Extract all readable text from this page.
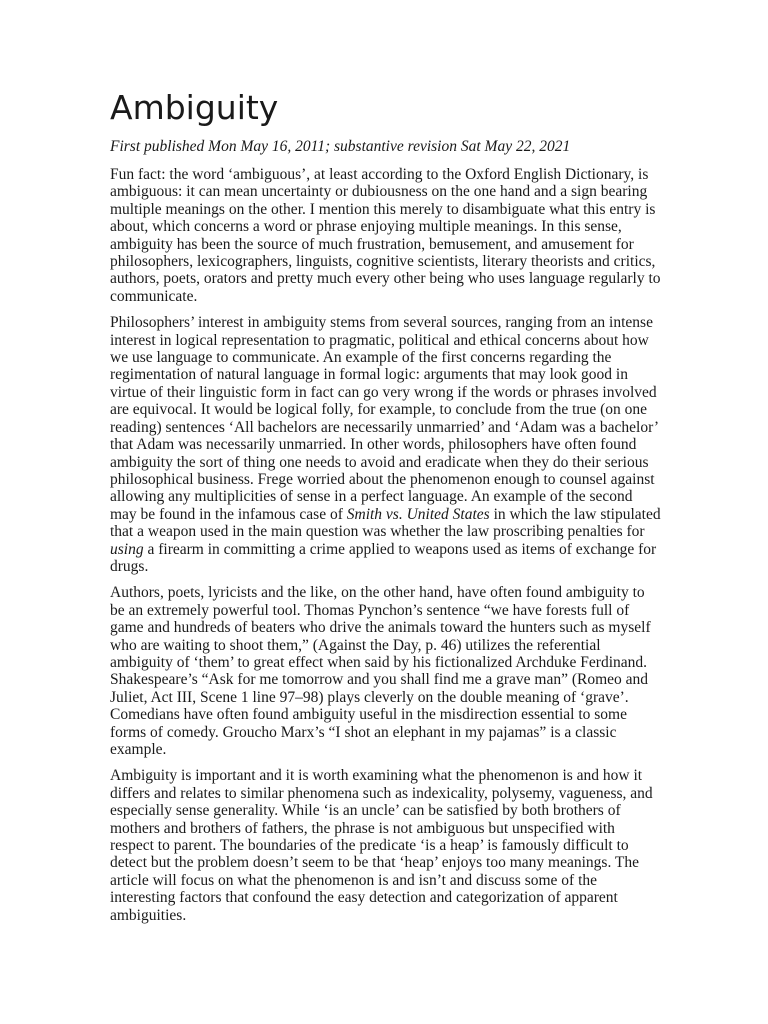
Ambiguity
First published Mon May 16, 2011; substantive revision Sat May 22, 2021

Fun fact: the word ‘ambiguous’, at least according to the Oxford English Dictionary, is ambiguous: it can mean uncertainty or dubiousness on the one hand and a sign bearing multiple meanings on the other. I mention this merely to disambiguate what this entry is about, which concerns a word or phrase enjoying multiple meanings. In this sense, ambiguity has been the source of much frustration, bemusement, and amusement for philosophers, lexicographers, linguists, cognitive scientists, literary theorists and critics, authors, poets, orators and pretty much every other being who uses language regularly to communicate.

Philosophers’ interest in ambiguity stems from several sources, ranging from an intense interest in logical representation to pragmatic, political and ethical concerns about how we use language to communicate. An example of the first concerns regarding the regimentation of natural language in formal logic: arguments that may look good in virtue of their linguistic form in fact can go very wrong if the words or phrases involved are equivocal. It would be logical folly, for example, to conclude from the true (on one reading) sentences ‘All bachelors are necessarily unmarried’ and ‘Adam was a bachelor’ that Adam was necessarily unmarried. In other words, philosophers have often found ambiguity the sort of thing one needs to avoid and eradicate when they do their serious philosophical business. Frege worried about the phenomenon enough to counsel against allowing any multiplicities of sense in a perfect language. An example of the second may be found in the infamous case of Smith vs. United States in which the law stipulated that a weapon used in the main question was whether the law proscribing penalties for using a firearm in committing a crime applied to weapons used as items of exchange for drugs.

Authors, poets, lyricists and the like, on the other hand, have often found ambiguity to be an extremely powerful tool. Thomas Pynchon’s sentence “we have forests full of game and hundreds of beaters who drive the animals toward the hunters such as myself who are waiting to shoot them,” (Against the Day, p. 46) utilizes the referential ambiguity of ‘them’ to great effect when said by his fictionalized Archduke Ferdinand. Shakespeare’s “Ask for me tomorrow and you shall find me a grave man” (Romeo and Juliet, Act III, Scene 1 line 97–98) plays cleverly on the double meaning of ‘grave’. Comedians have often found ambiguity useful in the misdirection essential to some forms of comedy. Groucho Marx’s “I shot an elephant in my pajamas” is a classic example.

Ambiguity is important and it is worth examining what the phenomenon is and how it differs and relates to similar phenomena such as indexicality, polysemy, vagueness, and especially sense generality. While ‘is an uncle’ can be satisfied by both brothers of mothers and brothers of fathers, the phrase is not ambiguous but unspecified with respect to parent. The boundaries of the predicate ‘is a heap’ is famously difficult to detect but the problem doesn’t seem to be that ‘heap’ enjoys too many meanings. The article will focus on what the phenomenon is and isn’t and discuss some of the interesting factors that confound the easy detection and categorization of apparent ambiguities.
